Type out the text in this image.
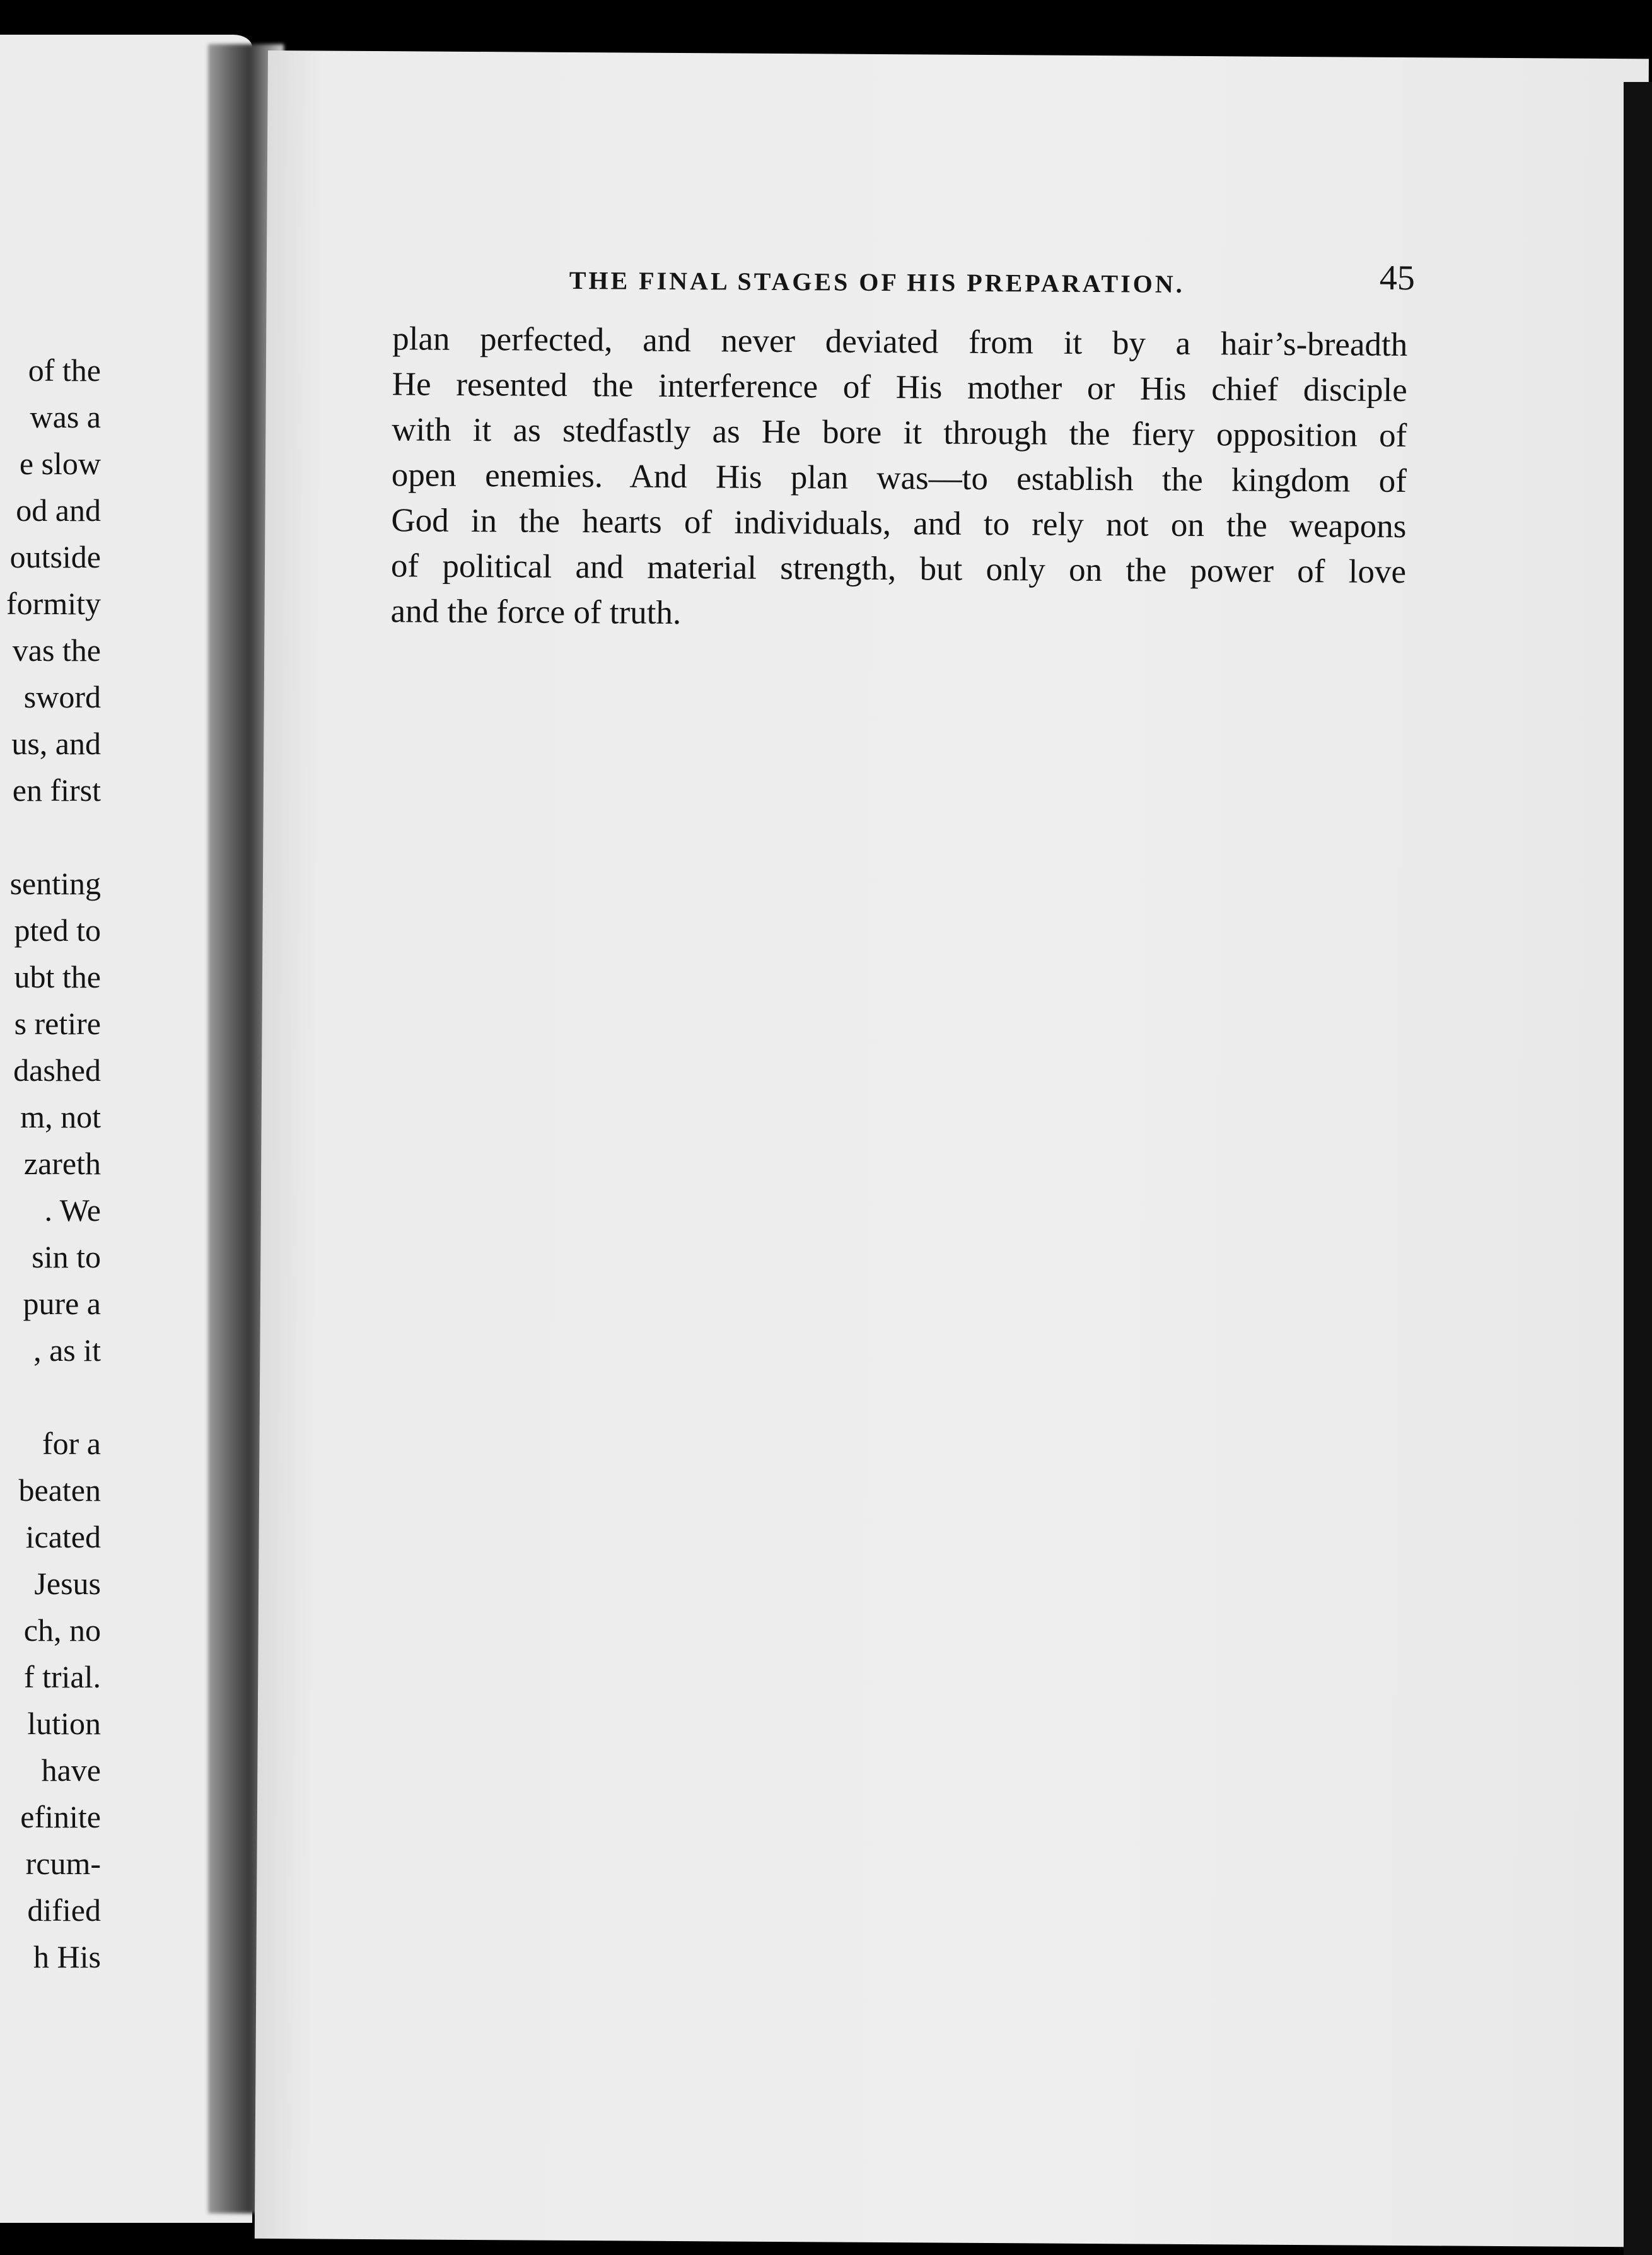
of the
was a
e slow
od and
outside
formity
vas the
sword
us, and
en first
senting
pted to
ubt the
s retire
dashed
m, not
zareth
. We
sin to
pure a
, as it
for a
beaten
icated
Jesus
ch, no
f trial.
lution
have
efinite
rcum-
dified
h His
THE FINAL STAGES OF HIS PREPARATION.	45
plan perfected, and never deviated from it by a hair’s-breadth
He resented the interference of His mother or His chief disciple
with it as stedfastly as He bore it through the fiery opposition of
open enemies. And His plan was—to establish the kingdom of
God in the hearts of individuals, and to rely not on the weapons
of political and material strength, but only on the power of love
and the force of truth.
